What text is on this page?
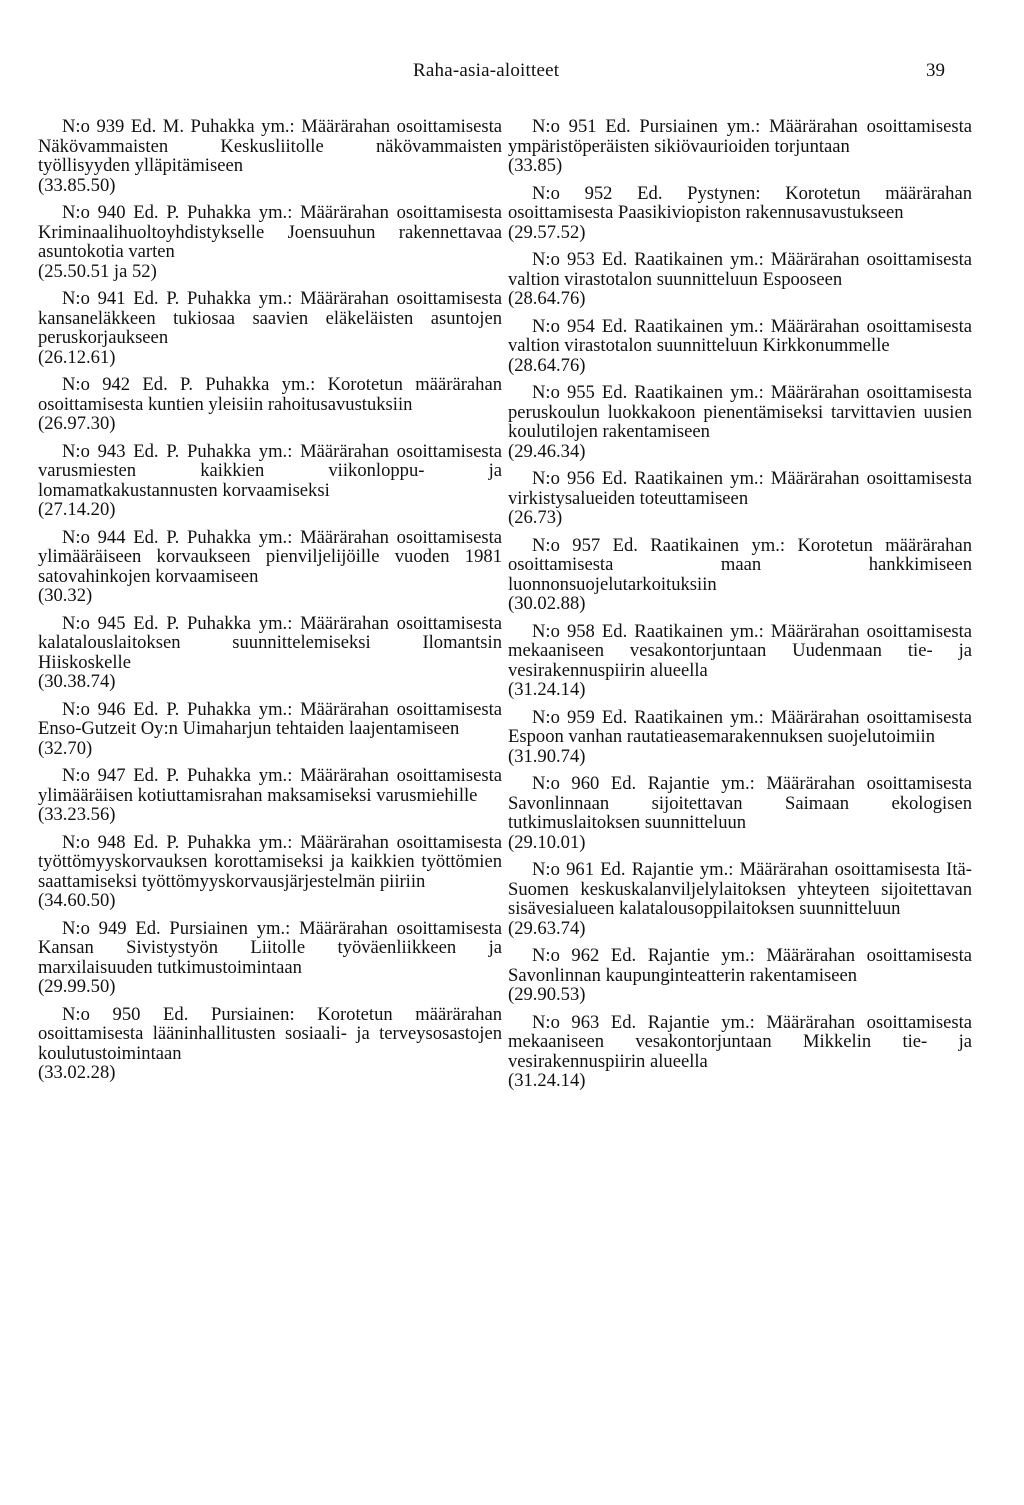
Raha-asia-aloitteet	39
N:o 939 Ed. M. Puhakka ym.: Määrärahan osoittamisesta Näkövammaisten Keskusliitolle näkövammaisten työllisyyden ylläpitämiseen
(33.85.50)
N:o 940 Ed. P. Puhakka ym.: Määrärahan osoittamisesta Kriminaalihuoltoyhdistykselle Joensuuhun rakennettavaa asuntokotia varten
(25.50.51 ja 52)
N:o 941 Ed. P. Puhakka ym.: Määrärahan osoittamisesta kansaneläkkeen tukiosaa saavien eläkeläisten asuntojen peruskorjaukseen
(26.12.61)
N:o 942 Ed. P. Puhakka ym.: Korotetun määrärahan osoittamisesta kuntien yleisiin rahoitusavustuksiin
(26.97.30)
N:o 943 Ed. P. Puhakka ym.: Määrärahan osoittamisesta varusmiesten kaikkien viikonloppu- ja lomamatkakustannusten korvaamiseksi
(27.14.20)
N:o 944 Ed. P. Puhakka ym.: Määrärahan osoittamisesta ylimääräiseen korvaukseen pienviljelijöille vuoden 1981 satovahinkojen korvaamiseen
(30.32)
N:o 945 Ed. P. Puhakka ym.: Määrärahan osoittamisesta kalatalouslaitoksen suunnittelemiseksi Ilomantsin Hiiskoskelle
(30.38.74)
N:o 946 Ed. P. Puhakka ym.: Määrärahan osoittamisesta Enso-Gutzeit Oy:n Uimaharjun tehtaiden laajentamiseen
(32.70)
N:o 947 Ed. P. Puhakka ym.: Määrärahan osoittamisesta ylimääräisen kotiuttamisrahan maksamiseksi varusmiehille
(33.23.56)
N:o 948 Ed. P. Puhakka ym.: Määrärahan osoittamisesta työttömyyskorvauksen korottamiseksi ja kaikkien työttömien saattamiseksi työttömyyskorvausjärjestelmän piiriin
(34.60.50)
N:o 949 Ed. Pursiainen ym.: Määrärahan osoittamisesta Kansan Sivistystyön Liitolle työväenliikkeen ja marxilaisuuden tutkimustoimintaan
(29.99.50)
N:o 950 Ed. Pursiainen: Korotetun määrärahan osoittamisesta lääninhallitusten sosiaali- ja terveysosastojen koulutustoimintaan
(33.02.28)
N:o 951 Ed. Pursiainen ym.: Määrärahan osoittamisesta ympäristöperäisten sikiövaurioiden torjuntaan
(33.85)
N:o 952 Ed. Pystynen: Korotetun määrärahan osoittamisesta Paasikiviopiston rakennusavustukseen
(29.57.52)
N:o 953 Ed. Raatikainen ym.: Määrärahan osoittamisesta valtion virastotalon suunnitteluun Espooseen
(28.64.76)
N:o 954 Ed. Raatikainen ym.: Määrärahan osoittamisesta valtion virastotalon suunnitteluun Kirkkonummelle
(28.64.76)
N:o 955 Ed. Raatikainen ym.: Määrärahan osoittamisesta peruskoulun luokkakoon pienentämiseksi tarvittavien uusien koulutilojen rakentamiseen
(29.46.34)
N:o 956 Ed. Raatikainen ym.: Määrärahan osoittamisesta virkistysalueiden toteuttamiseen
(26.73)
N:o 957 Ed. Raatikainen ym.: Korotetun määrärahan osoittamisesta maan hankkimiseen luonnonsuojelutarkoituksiin
(30.02.88)
N:o 958 Ed. Raatikainen ym.: Määrärahan osoittamisesta mekaaniseen vesakontorjuntaan Uudenmaan tie- ja vesirakennuspiirin alueella
(31.24.14)
N:o 959 Ed. Raatikainen ym.: Määrärahan osoittamisesta Espoon vanhan rautatieasemarakennuksen suojelutoimiin
(31.90.74)
N:o 960 Ed. Rajantie ym.: Määrärahan osoittamisesta Savonlinnaan sijoitettavan Saimaan ekologisen tutkimuslaitoksen suunnitteluun
(29.10.01)
N:o 961 Ed. Rajantie ym.: Määrärahan osoittamisesta Itä-Suomen keskuskalanviljelylaitoksen yhteyteen sijoitettavan sisävesialueen kalatalousoppilaitoksen suunnitteluun
(29.63.74)
N:o 962 Ed. Rajantie ym.: Määrärahan osoittamisesta Savonlinnan kaupunginteatterin rakentamiseen
(29.90.53)
N:o 963 Ed. Rajantie ym.: Määrärahan osoittamisesta mekaaniseen vesakontorjuntaan Mikkelin tie- ja vesirakennuspiirin alueella
(31.24.14)
